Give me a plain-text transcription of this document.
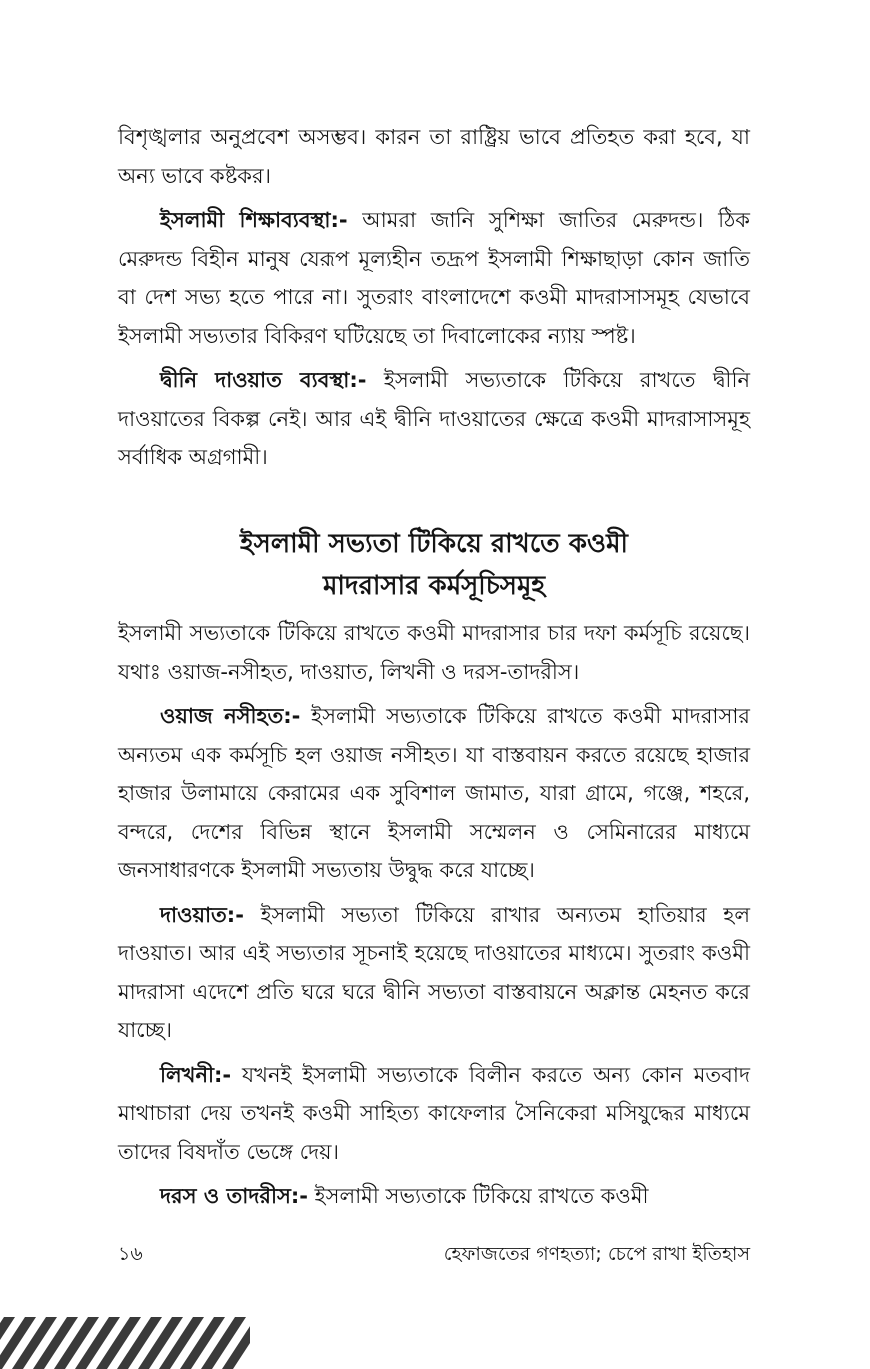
বিশৃঙ্খলার অনুপ্রবেশ অসম্ভব। কারন তা রাষ্ট্রিয় ভাবে প্রতিহত করা হবে, যা অন্য ভাবে কষ্টকর।

ইসলামী শিক্ষাব্যবস্থা:- আমরা জানি সুশিক্ষা জাতির মেরুদন্ড। ঠিক মেরুদন্ড বিহীন মানুষ যেরূপ মূল্যহীন তদ্রূপ ইসলামী শিক্ষাছাড়া কোন জাতি বা দেশ সভ্য হতে পারে না। সুতরাং বাংলাদেশে কওমী মাদরাসাসমূহ যেভাবে ইসলামী সভ্যতার বিকিরণ ঘটিয়েছে তা দিবালোকের ন্যায় স্পষ্ট।

দ্বীনি দাওয়াত ব্যবস্থা:- ইসলামী সভ্যতাকে টিকিয়ে রাখতে দ্বীনি দাওয়াতের বিকল্প নেই। আর এই দ্বীনি দাওয়াতের ক্ষেত্রে কওমী মাদরাসাসমূহ সর্বাধিক অগ্রগামী।

ইসলামী সভ্যতা টিকিয়ে রাখতে কওমী
মাদরাসার কর্মসূচিসমূহ

ইসলামী সভ্যতাকে টিকিয়ে রাখতে কওমী মাদরাসার চার দফা কর্মসূচি রয়েছে। যথাঃ ওয়াজ-নসীহত, দাওয়াত, লিখনী ও দরস-তাদরীস।

ওয়াজ নসীহত:- ইসলামী সভ্যতাকে টিকিয়ে রাখতে কওমী মাদরাসার অন্যতম এক কর্মসূচি হল ওয়াজ নসীহত। যা বাস্তবায়ন করতে রয়েছে হাজার হাজার উলামায়ে কেরামের এক সুবিশাল জামাত, যারা গ্রামে, গঞ্জে, শহরে, বন্দরে, দেশের বিভিন্ন স্থানে ইসলামী সম্মেলন ও সেমিনারের মাধ্যমে জনসাধারণকে ইসলামী সভ্যতায় উদ্বুদ্ধ করে যাচ্ছে।

দাওয়াত:- ইসলামী সভ্যতা টিকিয়ে রাখার অন্যতম হাতিয়ার হল দাওয়াত। আর এই সভ্যতার সূচনাই হয়েছে দাওয়াতের মাধ্যমে। সুতরাং কওমী মাদরাসা এদেশে প্রতি ঘরে ঘরে দ্বীনি সভ্যতা বাস্তবায়নে অক্লান্ত মেহনত করে যাচ্ছে।

লিখনী:- যখনই ইসলামী সভ্যতাকে বিলীন করতে অন্য কোন মতবাদ মাথাচারা দেয় তখনই কওমী সাহিত্য কাফেলার সৈনিকেরা মসিযুদ্ধের মাধ্যমে তাদের বিষদাঁত ভেঙ্গে দেয়।

দরস ও তাদরীস:- ইসলামী সভ্যতাকে টিকিয়ে রাখতে কওমী

১৬	হেফাজতের গণহত্যা; চেপে রাখা ইতিহাস
